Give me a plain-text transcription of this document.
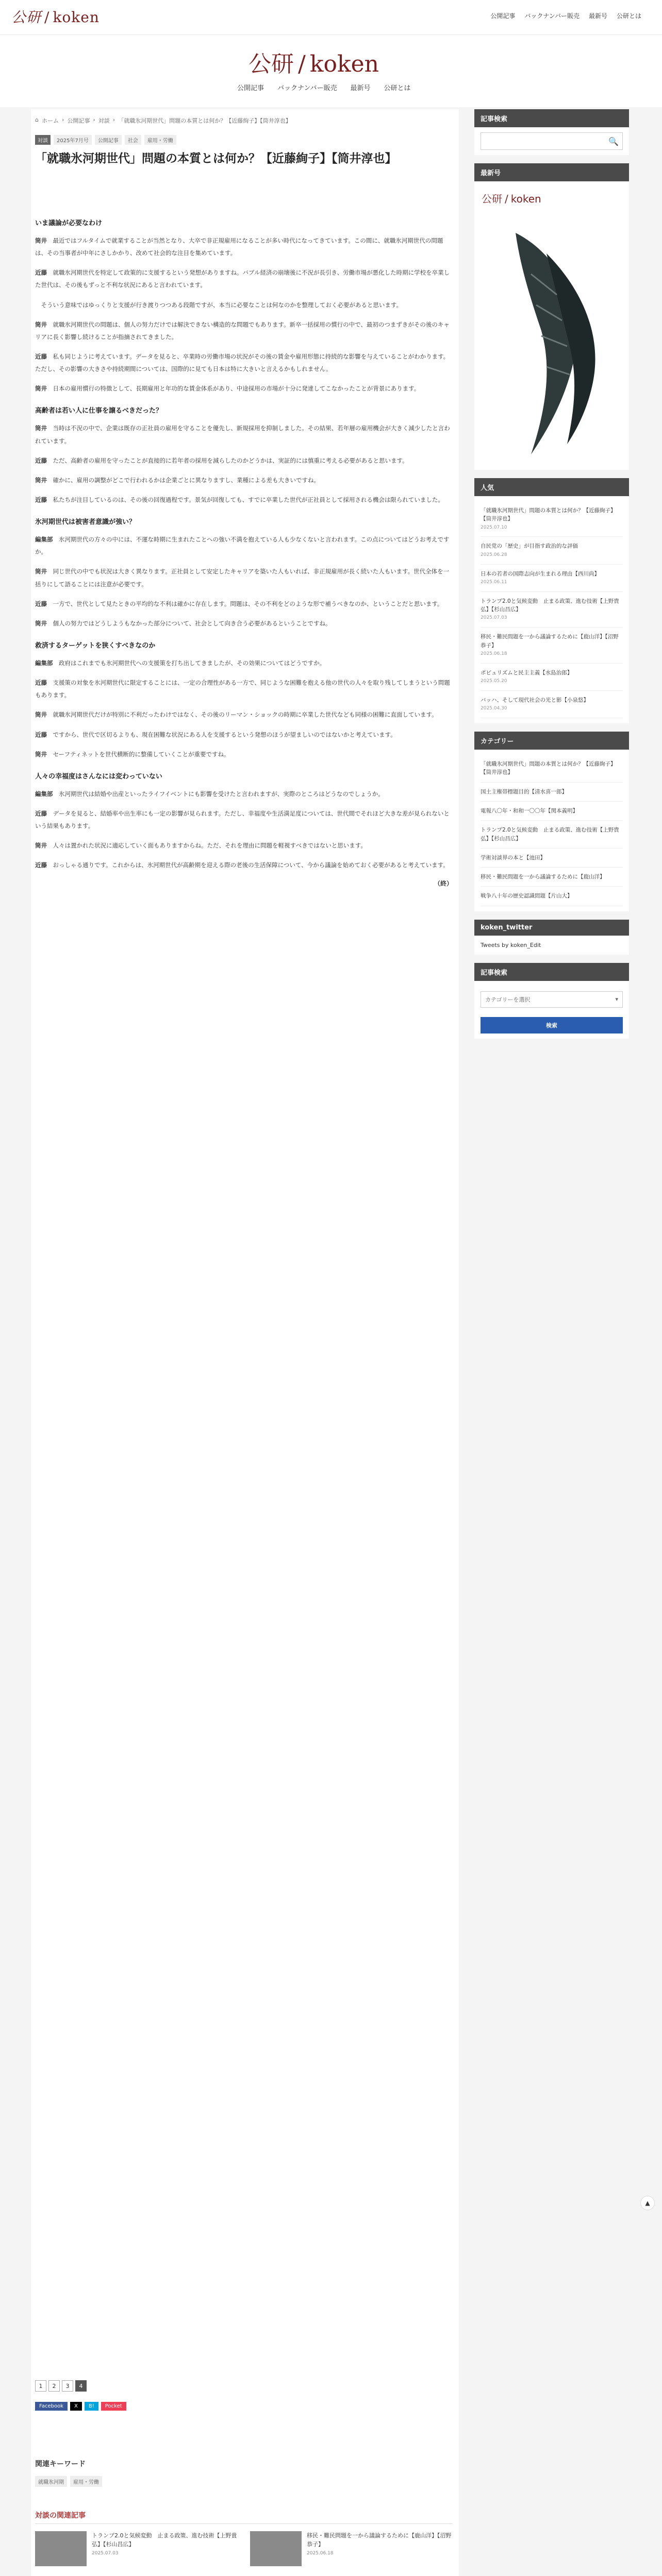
公研 / koken	公開記事 バックナンバー販売 最新号 公研とは
公研 / koken
公開記事 バックナンバー販売 最新号 公研とは
⌂ ホーム › 公開記事 › 対談 › 「就職氷河期世代」問題の本質とは何か？【近藤絢子】【筒井淳也】
対談	2025年7月号	公開記事	社会	雇用・労働
「就職氷河期世代」問題の本質とは何か？【近藤絢子】【筒井淳也】
いま議論が必要なわけ
筒井　 最近ではフルタイムで就業することが当然となり、大卒で非正規雇用になることが多い時代になってきています。この間に、就職氷河期世代の問題は、その当事者が中年にさしかかり、改めて社会的な注目を集めています。
近藤　 就職氷河期世代を特定して政策的に支援するという発想がありますね。バブル経済の崩壊後に不況が長引き、労働市場が悪化した時期に学校を卒業した世代は、その後もずっと不利な状況にあると言われています。
　そういう意味ではゆっくりと支援が行き渡りつつある段階ですが、本当に必要なことは何なのかを整理しておく必要があると思います。
筒井　 就職氷河期世代の問題は、個人の努力だけでは解決できない構造的な問題でもあります。新卒一括採用の慣行の中で、最初のつまずきがその後のキャリアに長く影響し続けることが指摘されてきました。
近藤　 私も同じように考えています。データを見ると、卒業時の労働市場の状況がその後の賃金や雇用形態に持続的な影響を与えていることがわかります。ただし、その影響の大きさや持続期間については、国際的に見ても日本は特に大きいと言えるかもしれません。
筒井　 日本の雇用慣行の特徴として、長期雇用と年功的な賃金体系があり、中途採用の市場が十分に発達してこなかったことが背景にあります。
高齢者は若い人に仕事を譲るべきだった？
筒井　 当時は不況の中で、企業は既存の正社員の雇用を守ることを優先し、新規採用を抑制しました。その結果、若年層の雇用機会が大きく減少したと言われています。
近藤　 ただ、高齢者の雇用を守ったことが直接的に若年者の採用を減らしたのかどうかは、実証的には慎重に考える必要があると思います。
筒井　 確かに、雇用の調整がどこで行われるかは企業ごとに異なりますし、業種による差も大きいですね。
近藤　 私たちが注目しているのは、その後の回復過程です。景気が回復しても、すでに卒業した世代が正社員として採用される機会は限られていました。
氷河期世代は被害者意識が強い？
編集部　 氷河期世代の方々の中には、不運な時期に生まれたことへの強い不満を抱えている人も少なくないと言われます。この点についてはどうお考えですか。
筒井　 同じ世代の中でも状況は大きく異なります。正社員として安定したキャリアを築いた人もいれば、非正規雇用が長く続いた人もいます。世代全体を一括りにして語ることには注意が必要です。
近藤　 一方で、世代として見たときの平均的な不利は確かに存在します。問題は、その不利をどのような形で補うべきなのか、ということだと思います。
筒井　 個人の努力ではどうしようもなかった部分について、社会として向き合う必要があるということですね。
救済するターゲットを狭くすべきなのか
編集部　 政府はこれまでも氷河期世代への支援策を打ち出してきましたが、その効果についてはどうですか。
近藤　 支援策の対象を氷河期世代に限定することには、一定の合理性がある一方で、同じような困難を抱える他の世代の人々を取り残してしまうという問題もあります。
筒井　 就職氷河期世代だけが特別に不利だったわけではなく、その後のリーマン・ショックの時期に卒業した世代なども同様の困難に直面しています。
近藤　 ですから、世代で区切るよりも、現在困難な状況にある人を支援するという発想のほうが望ましいのではないかと考えています。
筒井　 セーフティネットを世代横断的に整備していくことが重要ですね。
人々の幸福度はさんなには変わっていない
編集部　 氷河期世代は結婚や出産といったライフイベントにも影響を受けたと言われますが、実際のところはどうなのでしょうか。
近藤　 データを見ると、結婚率や出生率にも一定の影響が見られます。ただし、幸福度や生活満足度については、世代間でそれほど大きな差が見られないという結果もあります。
筒井　 人々は置かれた状況に適応していく面もありますからね。ただ、それを理由に問題を軽視すべきではないと思います。
近藤　 おっしゃる通りです。これからは、氷河期世代が高齢期を迎える際の老後の生活保障について、今から議論を始めておく必要があると考えています。
（終）
1	2	3	4
Facebook	X	B!	Pocket
関連キーワード
就職氷河期	雇用・労働
対談の関連記事
トランプ2.0と気候変動　止まる政策、進む技術【上野貴弘】【杉山昌広】
2025.07.03
移民・難民問題を一から議論するために【鹿山洋】【沼野恭子】
2025.06.18
記事検索
🔍
最新号
公研 / koken
人気
「就職氷河期世代」問題の本質とは何か？【近藤絢子】【筒井淳也】
2025.07.10
自民党の「歴史」が目指す政治的な評価
2025.06.28
日本の若者の国際志向が生まれる理由【西川尚】
2025.06.11
トランプ2.0と気候変動　止まる政策、進む技術【上野貴弘】【杉山昌広】
2025.07.03
移民・難民問題を一から議論するために【鹿山洋】【沼野恭子】
2025.06.18
ポピュリズムと民主主義【水島治郎】
2025.05.20
バッハ、そして現代社会の光と影【小泉悠】
2025.04.30
カテゴリー
「就職氷河期世代」問題の本質とは何か？【近藤絢子】【筒井淳也】
国土主権帯標題目的【清水喜一郎】
電報八〇年・和和一〇〇年【関本義明】
トランプ2.0と気候変動　止まる政策、進む技術【上野貴弘】【杉山昌広】
学術対談界の本と【池田】
移民・難民問題を一から議論するために【鹿山洋】
戦争八十年の歴史認識問題【片山大】
koken_twitter
Tweets by koken_Edit
記事検索
カテゴリーを選択	▾
検索
▲
